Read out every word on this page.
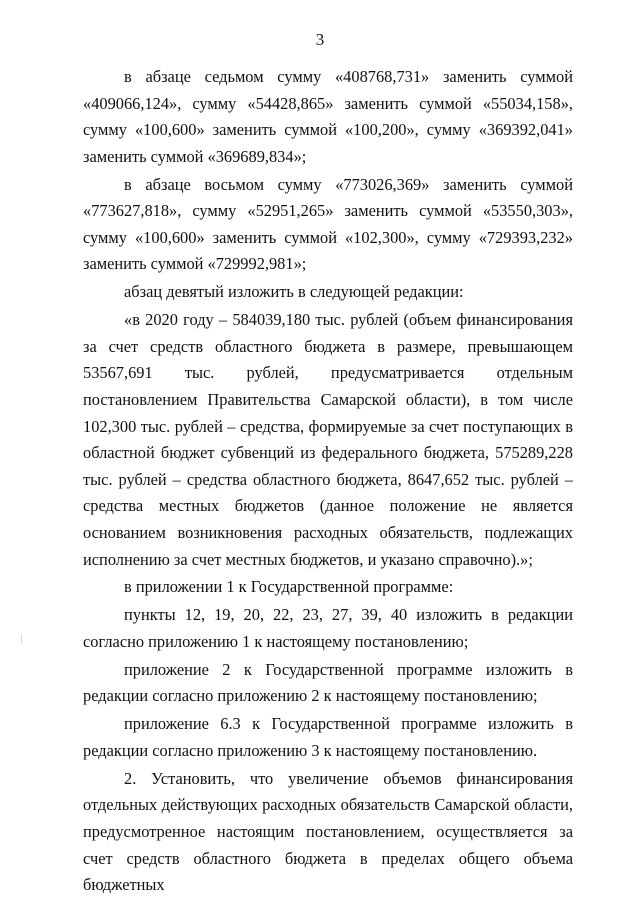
3

в абзаце седьмом сумму «408768,731» заменить суммой «409066,124», сумму «54428,865» заменить суммой «55034,158», сумму «100,600» заменить суммой «100,200», сумму «369392,041» заменить суммой «369689,834»;

в абзаце восьмом сумму «773026,369» заменить суммой «773627,818», сумму «52951,265» заменить суммой «53550,303», сумму «100,600» заменить суммой «102,300», сумму «729393,232» заменить суммой «729992,981»;

абзац девятый изложить в следующей редакции:

«в 2020 году – 584039,180 тыс. рублей (объем финансирования за счет средств областного бюджета в размере, превышающем 53567,691 тыс. рублей, предусматривается отдельным постановлением Правительства Самарской области), в том числе 102,300 тыс. рублей – средства, формируемые за счет поступающих в областной бюджет субвенций из федерального бюджета, 575289,228 тыс. рублей – средства областного бюджета, 8647,652 тыс. рублей – средства местных бюджетов (данное положение не является основанием возникновения расходных обязательств, подлежащих исполнению за счет местных бюджетов, и указано справочно).»;

в приложении 1 к Государственной программе:

пункты 12, 19, 20, 22, 23, 27, 39, 40 изложить в редакции согласно приложению 1 к настоящему постановлению;

приложение 2 к Государственной программе изложить в редакции согласно приложению 2 к настоящему постановлению;

приложение 6.3 к Государственной программе изложить в редакции согласно приложению 3 к настоящему постановлению.

2. Установить, что увеличение объемов финансирования отдельных действующих расходных обязательств Самарской области, предусмотренное настоящим постановлением, осуществляется за счет средств областного бюджета в пределах общего объема бюджетных
